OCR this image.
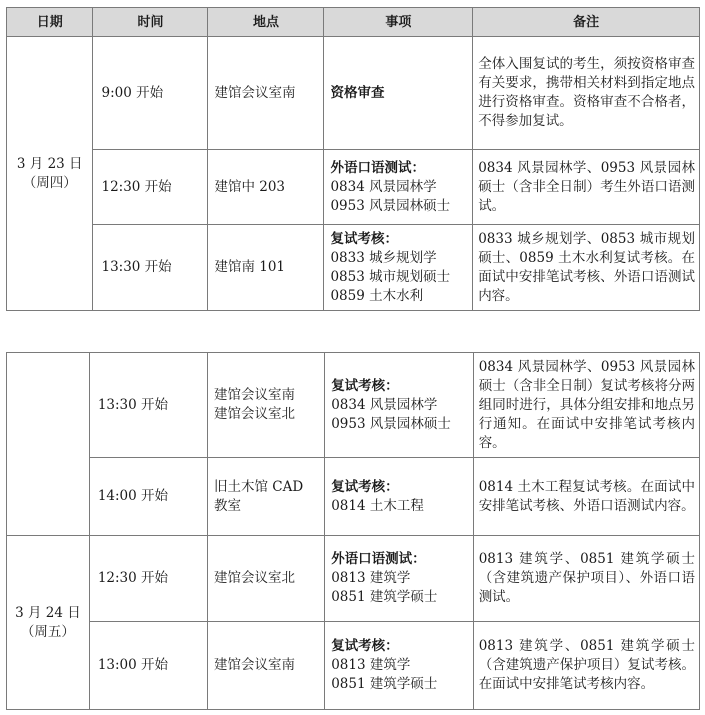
日期	时间	地点	事项	备注

3 月 23 日
（周四）	9:00 开始	建馆会议室南	资格审查	全体入围复试的考生，须按资格审查有关要求，携带相关材料到指定地点进行资格审查。资格审查不合格者，不得参加复试。
	12:30 开始	建馆中 203	外语口语测试：
0834 风景园林学
0953 风景园林硕士	0834 风景园林学、0953 风景园林硕士（含非全日制）考生外语口语测试。
	13:30 开始	建馆南 101	复试考核：
0833 城乡规划学
0853 城市规划硕士
0859 土木水利	0833 城乡规划学、0853 城市规划硕士、0859 土木水利复试考核。在面试中安排笔试考核、外语口语测试内容。
	13:30 开始	建馆会议室南
建馆会议室北	复试考核：
0834 风景园林学
0953 风景园林硕士	0834 风景园林学、0953 风景园林硕士（含非全日制）复试考核将分两组同时进行，具体分组安排和地点另行通知。在面试中安排笔试考核内容。
	14:00 开始	旧土木馆 CAD
教室	复试考核：
0814 土木工程	0814 土木工程复试考核。在面试中安排笔试考核、外语口语测试内容。

3 月 24 日
（周五）	12:30 开始	建馆会议室北	外语口语测试：
0813 建筑学
0851 建筑学硕士	0813 建筑学、0851 建筑学硕士（含建筑遗产保护项目）、外语口语测试。
	13:00 开始	建馆会议室南	复试考核：
0813 建筑学
0851 建筑学硕士	0813 建筑学、0851 建筑学硕士（含建筑遗产保护项目）复试考核。在面试中安排笔试考核内容。
